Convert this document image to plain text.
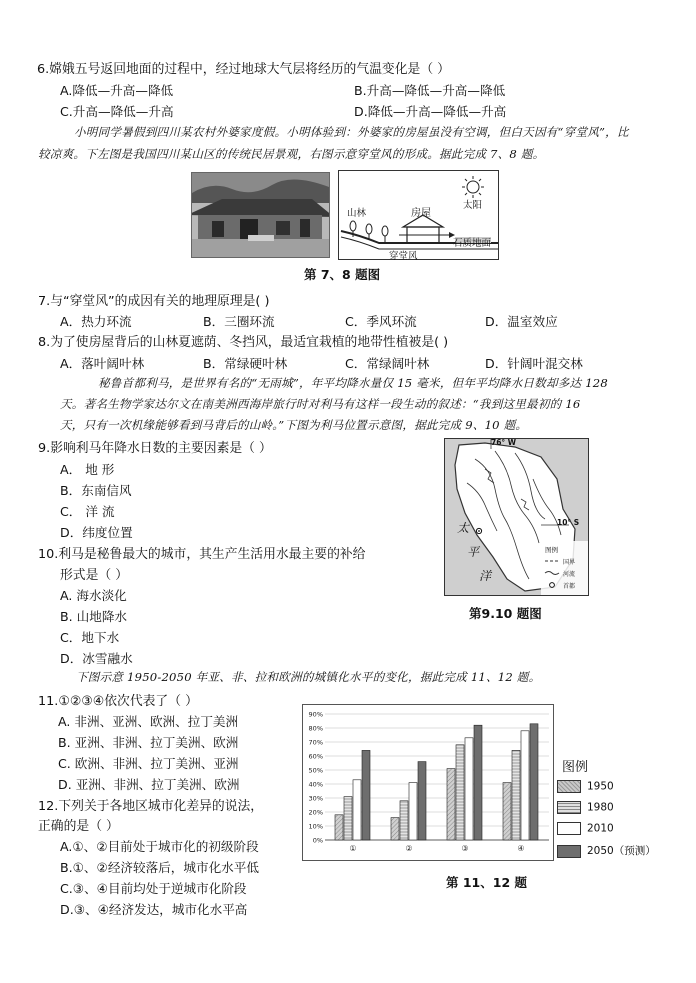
6.嫦娥五号返回地面的过程中，经过地球大气层将经历的气温变化是（ ）
A.降低—升高—降低	B.升高—降低—升高—降低
C.升高—降低—升高	D.降低—升高—降低—升高
小明同学暑假到四川某农村外婆家度假。小明体验到：外婆家的房屋虽没有空调，但白天因有“穿堂风”，比
较凉爽。下左图是我国四川某山区的传统民居景观，右图示意穿堂风的形成。据此完成 7、8 题。
山林	房屋
太阳
石质地面
穿堂风
第 7、8 题图
7.与“穿堂风”的成因有关的地理原理是( )
A．热力环流	B．三圈环流	C．季风环流	D．温室效应
8.为了使房屋背后的山林夏遮荫、冬挡风，最适宜栽植的地带性植被是( )
A．落叶阔叶林	B．常绿硬叶林	C．常绿阔叶林	D．针阔叶混交林
秘鲁首都利马，是世界有名的“无雨城”，年平均降水量仅 15 毫米，但年平均降水日数却多达 128
天。著名生物学家达尔文在南美洲西海岸旅行时对利马有这样一段生动的叙述：“我到这里最初的 16
天，只有一次机缘能够看到马背后的山岭。”下图为利马位置示意图，据此完成 9、10 题。
9.影响利马年降水日数的主要因素是（ ）
A． 地 形
B．东南信风
C． 洋 流
D．纬度位置
10.利马是秘鲁最大的城市，其生产生活用水最主要的补给
形式是（ ）
A. 海水淡化
B. 山地降水
C．地下水
D．冰雪融水
76° W
10° S
太
平
洋
图例
国界
河流
首都
第9.10 题图
下图示意 1950-2050 年亚、非、拉和欧洲的城镇化水平的变化，据此完成 11、12 题。
11.①②③④依次代表了（ ）
A. 非洲、亚洲、欧洲、拉丁美洲
B. 亚洲、非洲、拉丁美洲、欧洲
C. 欧洲、非洲、拉丁美洲、亚洲
D. 亚洲、非洲、拉丁美洲、欧洲
12.下列关于各地区城市化差异的说法，
正确的是（ ）
A.①、②目前处于城市化的初级阶段
B.①、②经济较落后，城市化水平低
C.③、④目前均处于逆城市化阶段
D.③、④经济发达，城市化水平高
0%
10%
20%
30%
40%
50%
60%
70%
80%
90%
①	②	③	④
图例
1950
1980
2010
2050（预测）
第 11、12 题
